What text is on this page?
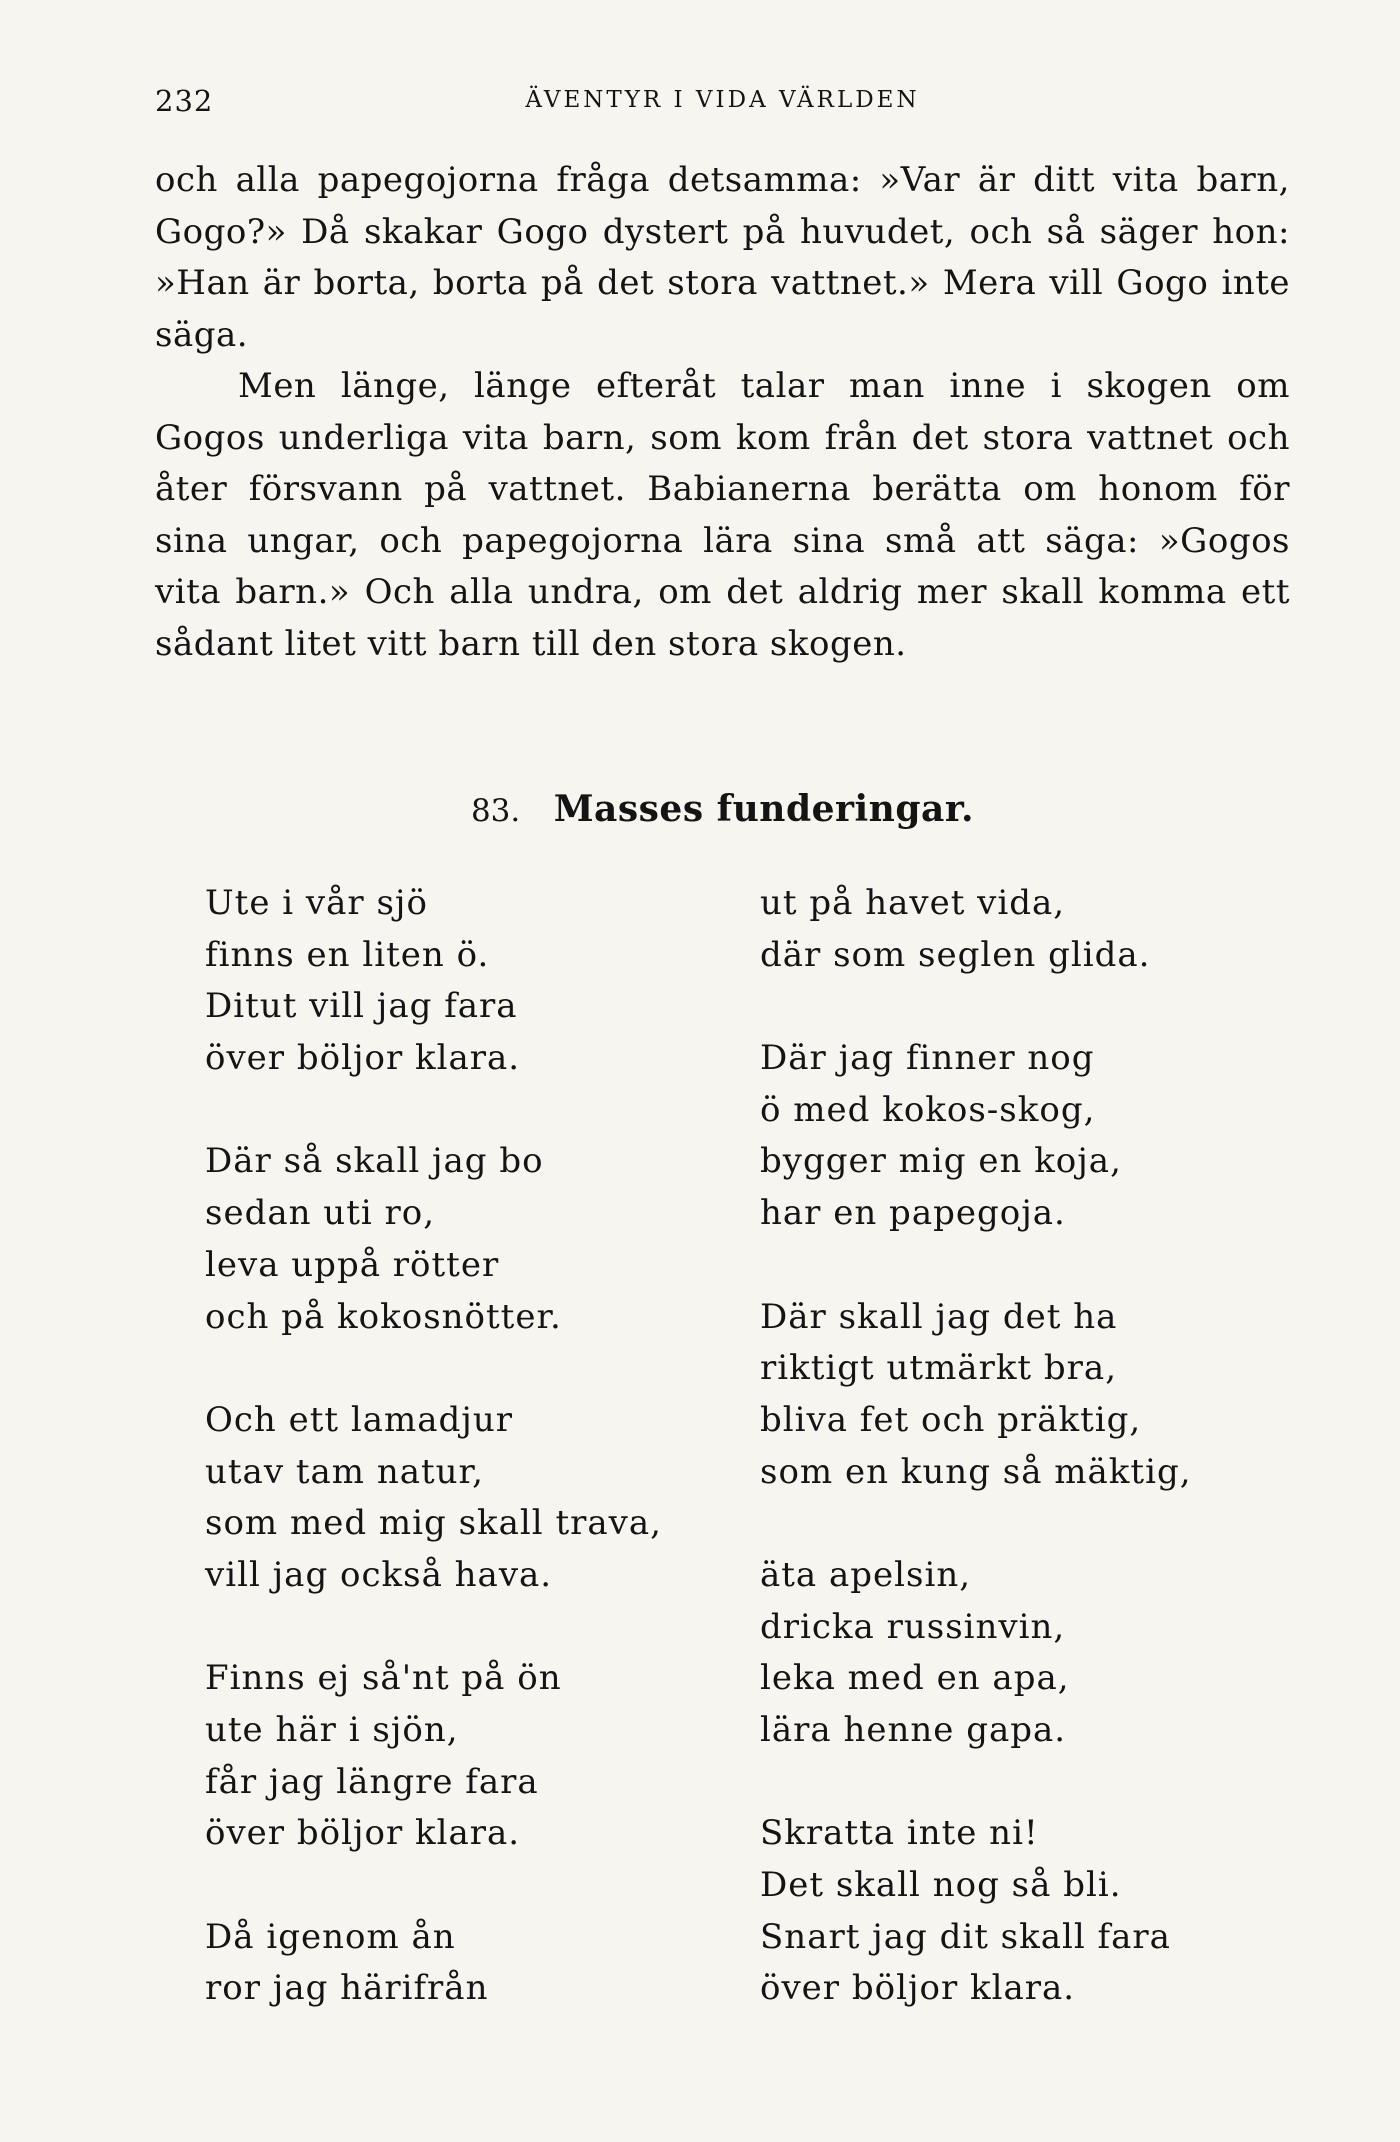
232	ÄVENTYR I VIDA VÄRLDEN

och alla papegojorna fråga detsamma: »Var är ditt vita barn, Gogo?» Då skakar Gogo dystert på huvudet, och så säger hon: »Han är borta, borta på det stora vattnet.» Mera vill Gogo inte säga.

Men länge, länge efteråt talar man inne i skogen om Gogos underliga vita barn, som kom från det stora vattnet och åter försvann på vattnet. Babianerna berätta om honom för sina ungar, och papegojorna lära sina små att säga: »Gogos vita barn.» Och alla undra, om det aldrig mer skall komma ett sådant litet vitt barn till den stora skogen.

83. Masses funderingar.
Ute i vår sjö
finns en liten ö.
Ditut vill jag fara
över böljor klara.
Där så skall jag bo
sedan uti ro,
leva uppå rötter
och på kokosnötter.
Och ett lamadjur
utav tam natur,
som med mig skall trava,
vill jag också hava.
Finns ej så'nt på ön
ute här i sjön,
får jag längre fara
över böljor klara.
Då igenom ån
ror jag härifrån
ut på havet vida,
där som seglen glida.
Där jag finner nog
ö med kokos-skog,
bygger mig en koja,
har en papegoja.
Där skall jag det ha
riktigt utmärkt bra,
bliva fet och präktig,
som en kung så mäktig,
äta apelsin,
dricka russinvin,
leka med en apa,
lära henne gapa.
Skratta inte ni!
Det skall nog så bli.
Snart jag dit skall fara
över böljor klara.
